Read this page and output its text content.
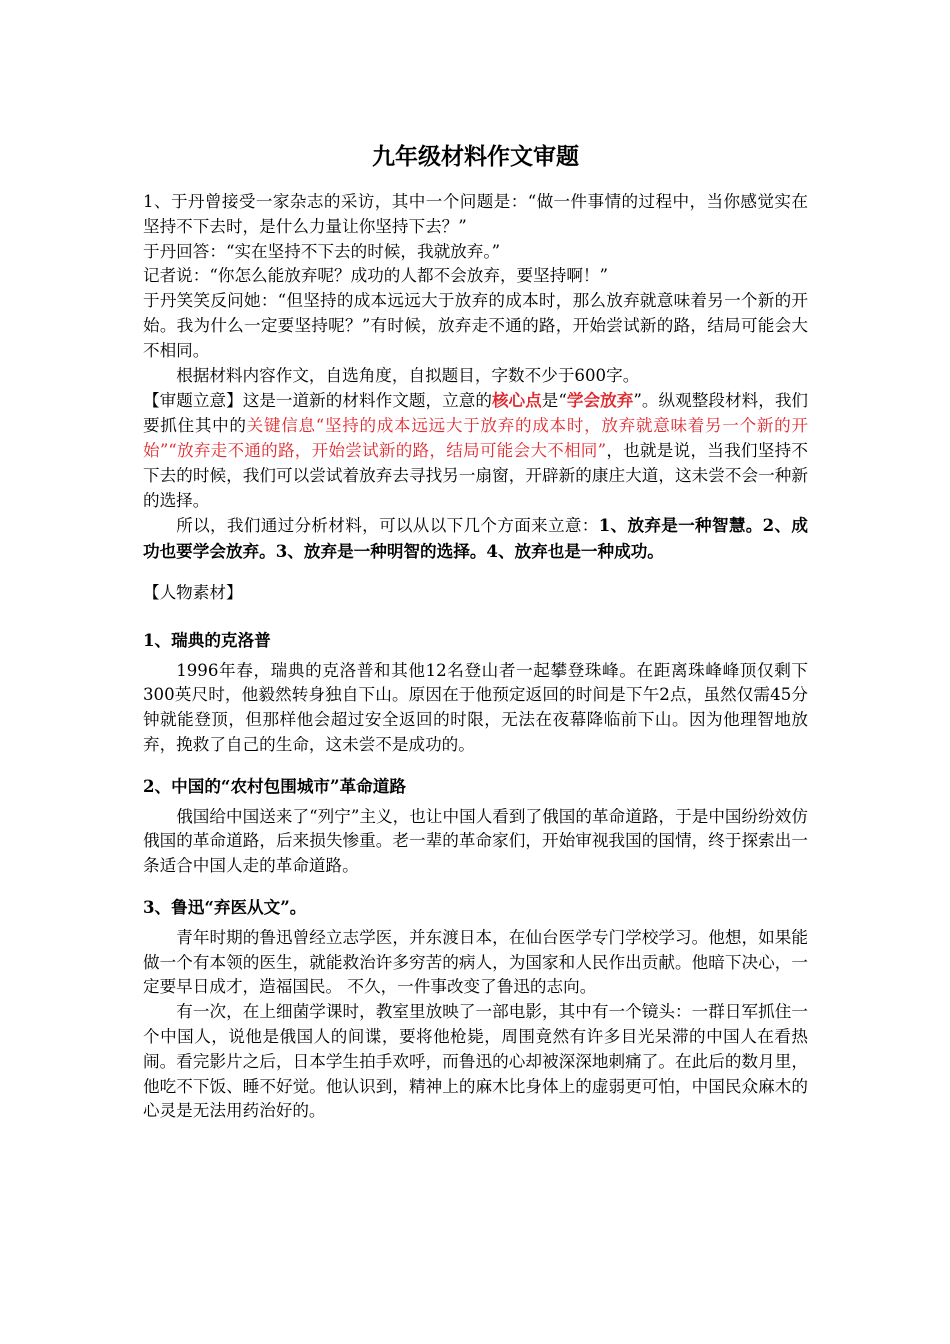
九年级材料作文审题

1、于丹曾接受一家杂志的采访，其中一个问题是：“做一件事情的过程中，当你感觉实在坚持不下去时，是什么力量让你坚持下去？”

于丹回答：“实在坚持不下去的时候，我就放弃。”

记者说：“你怎么能放弃呢？成功的人都不会放弃，要坚持啊！”

于丹笑笑反问她：“但坚持的成本远远大于放弃的成本时，那么放弃就意味着另一个新的开始。我为什么一定要坚持呢？”有时候，放弃走不通的路，开始尝试新的路，结局可能会大不相同。

根据材料内容作文，自选角度，自拟题目，字数不少于600字。

【审题立意】这是一道新的材料作文题，立意的核心点是“学会放弃”。纵观整段材料，我们要抓住其中的关键信息“坚持的成本远远大于放弃的成本时，放弃就意味着另一个新的开始”“放弃走不通的路，开始尝试新的路，结局可能会大不相同”，也就是说，当我们坚持不下去的时候，我们可以尝试着放弃去寻找另一扇窗，开辟新的康庄大道，这未尝不会一种新的选择。

所以，我们通过分析材料，可以从以下几个方面来立意：1、放弃是一种智慧。2、成功也要学会放弃。3、放弃是一种明智的选择。4、放弃也是一种成功。

【人物素材】

1、瑞典的克洛普

1996年春，瑞典的克洛普和其他12名登山者一起攀登珠峰。在距离珠峰峰顶仅剩下300英尺时，他毅然转身独自下山。原因在于他预定返回的时间是下午2点，虽然仅需45分钟就能登顶，但那样他会超过安全返回的时限，无法在夜幕降临前下山。因为他理智地放弃，挽救了自己的生命，这未尝不是成功的。

2、中国的“农村包围城市”革命道路

俄国给中国送来了“列宁”主义，也让中国人看到了俄国的革命道路，于是中国纷纷效仿俄国的革命道路，后来损失惨重。老一辈的革命家们，开始审视我国的国情，终于探索出一条适合中国人走的革命道路。

3、鲁迅“弃医从文”。

青年时期的鲁迅曾经立志学医，并东渡日本，在仙台医学专门学校学习。他想，如果能做一个有本领的医生，就能救治许多穷苦的病人，为国家和人民作出贡献。他暗下决心，一定要早日成才，造福国民。 不久，一件事改变了鲁迅的志向。

有一次，在上细菌学课时，教室里放映了一部电影，其中有一个镜头：一群日军抓住一个中国人，说他是俄国人的间谍，要将他枪毙，周围竟然有许多目光呆滞的中国人在看热闹。看完影片之后，日本学生拍手欢呼，而鲁迅的心却被深深地刺痛了。在此后的数月里，他吃不下饭、睡不好觉。他认识到，精神上的麻木比身体上的虚弱更可怕，中国民众麻木的心灵是无法用药治好的。
